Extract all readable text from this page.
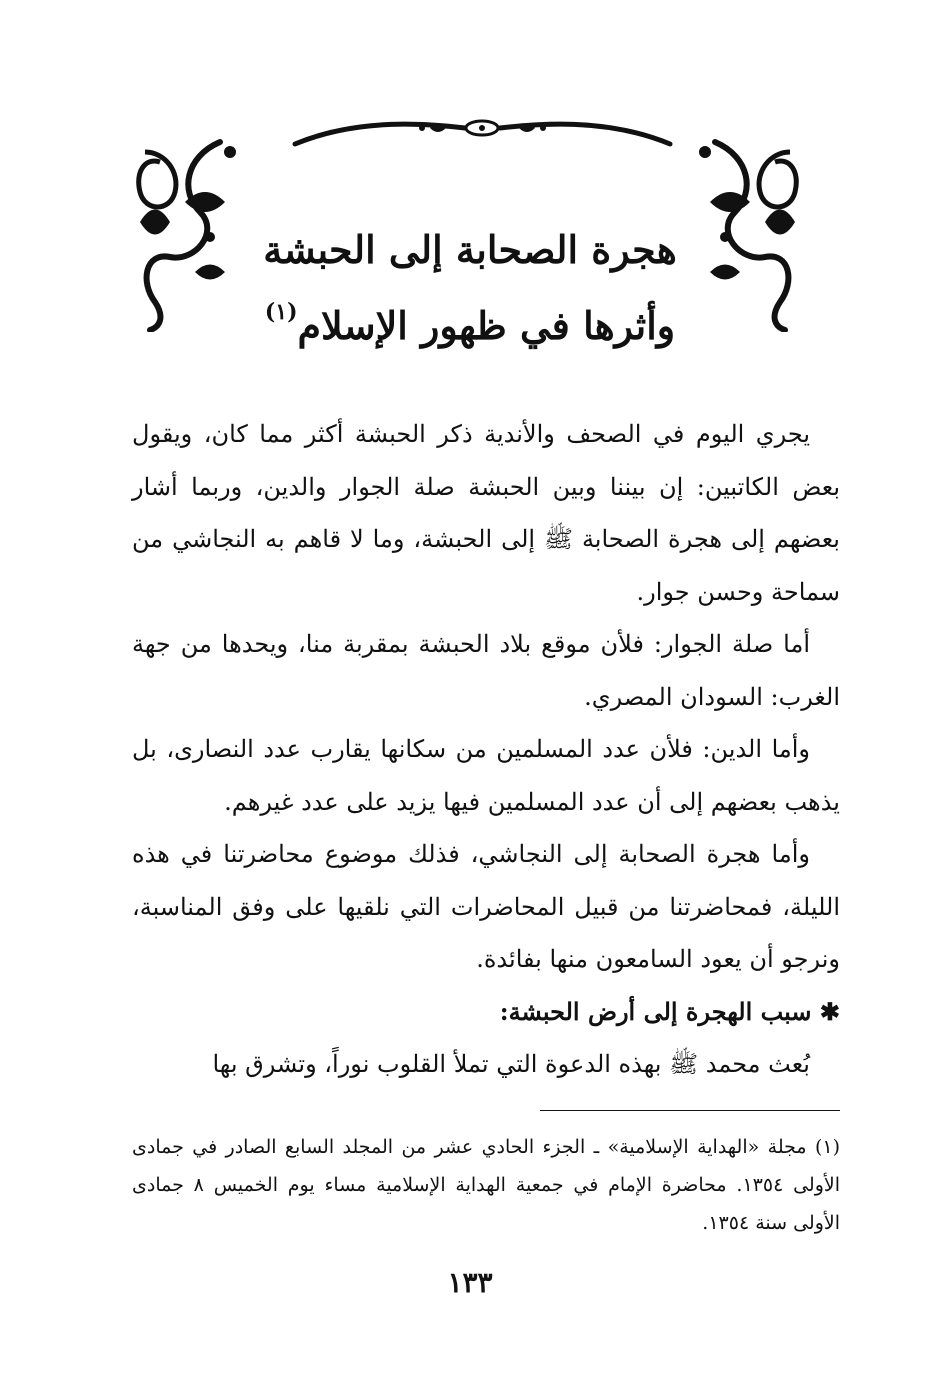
هجرة الصحابة إلى الحبشة
وأثرها في ظهور الإسلام$^{(١)}$

يجري اليوم في الصحف والأندية ذكر الحبشة أكثر مما كان، ويقول بعض الكاتبين: إن بيننا وبين الحبشة صلة الجوار والدين، وربما أشار بعضهم إلى هجرة الصحابة ﷺ إلى الحبشة، وما لا قاهم به النجاشي من سماحة وحسن جوار.

أما صلة الجوار: فلأن موقع بلاد الحبشة بمقربة منا، ويحدها من جهة الغرب: السودان المصري.

وأما الدين: فلأن عدد المسلمين من سكانها يقارب عدد النصارى، بل يذهب بعضهم إلى أن عدد المسلمين فيها يزيد على عدد غيرهم.

وأما هجرة الصحابة إلى النجاشي، فذلك موضوع محاضرتنا في هذه الليلة، فمحاضرتنا من قبيل المحاضرات التي نلقيها على وفق المناسبة، ونرجو أن يعود السامعون منها بفائدة.

✱ سبب الهجرة إلى أرض الحبشة:

بُعث محمد ﷺ بهذه الدعوة التي تملأ القلوب نوراً، وتشرق بها

(١) مجلة «الهداية الإسلامية» ـ الجزء الحادي عشر من المجلد السابع الصادر في جمادى الأولى ١٣٥٤. محاضرة الإمام في جمعية الهداية الإسلامية مساء يوم الخميس ٨ جمادى الأولى سنة ١٣٥٤.

١٣٣
